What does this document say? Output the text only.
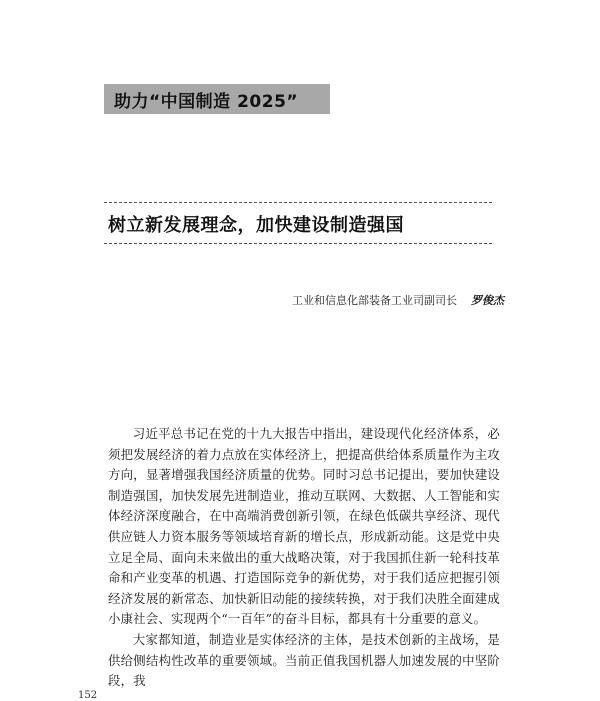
助力“中国制造 2025”
树立新发展理念，加快建设制造强国
工业和信息化部装备工业司副司长 罗俊杰

习近平总书记在党的十九大报告中指出，建设现代化经济体系，必须把发展经济的着力点放在实体经济上，把提高供给体系质量作为主攻方向，显著增强我国经济质量的优势。同时习总书记提出，要加快建设制造强国，加快发展先进制造业，推动互联网、大数据、人工智能和实体经济深度融合，在中高端消费创新引领，在绿色低碳共享经济、现代供应链人力资本服务等领域培育新的增长点，形成新动能。这是党中央立足全局、面向未来做出的重大战略决策，对于我国抓住新一轮科技革命和产业变革的机遇、打造国际竞争的新优势，对于我们适应把握引领经济发展的新常态、加快新旧动能的接续转换，对于我们决胜全面建成小康社会、实现两个“一百年”的奋斗目标，都具有十分重要的意义。

大家都知道，制造业是实体经济的主体，是技术创新的主战场，是供给侧结构性改革的重要领域。当前正值我国机器人加速发展的中坚阶段，我

152
